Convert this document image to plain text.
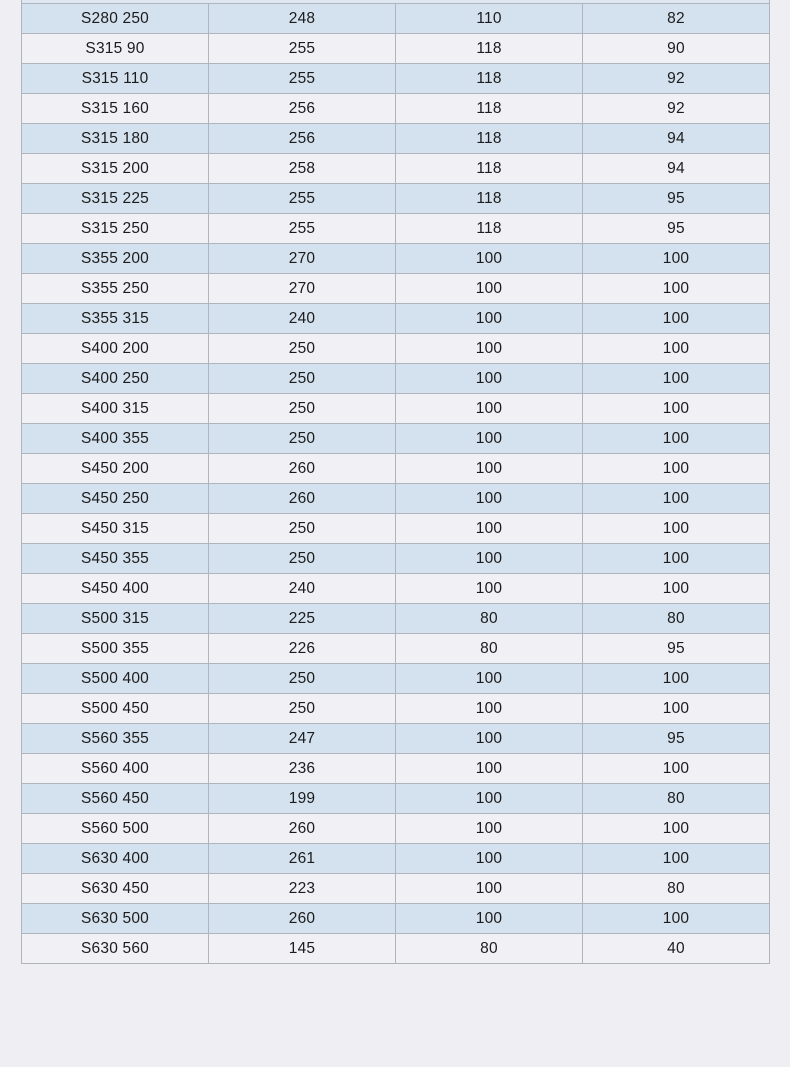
S280 250	248	110	82
S315 90	255	118	90
S315 110	255	118	92
S315 160	256	118	92
S315 180	256	118	94
S315 200	258	118	94
S315 225	255	118	95
S315 250	255	118	95
S355 200	270	100	100
S355 250	270	100	100
S355 315	240	100	100
S400 200	250	100	100
S400 250	250	100	100
S400 315	250	100	100
S400 355	250	100	100
S450 200	260	100	100
S450 250	260	100	100
S450 315	250	100	100
S450 355	250	100	100
S450 400	240	100	100
S500 315	225	80	80
S500 355	226	80	95
S500 400	250	100	100
S500 450	250	100	100
S560 355	247	100	95
S560 400	236	100	100
S560 450	199	100	80
S560 500	260	100	100
S630 400	261	100	100
S630 450	223	100	80
S630 500	260	100	100
S630 560	145	80	40
